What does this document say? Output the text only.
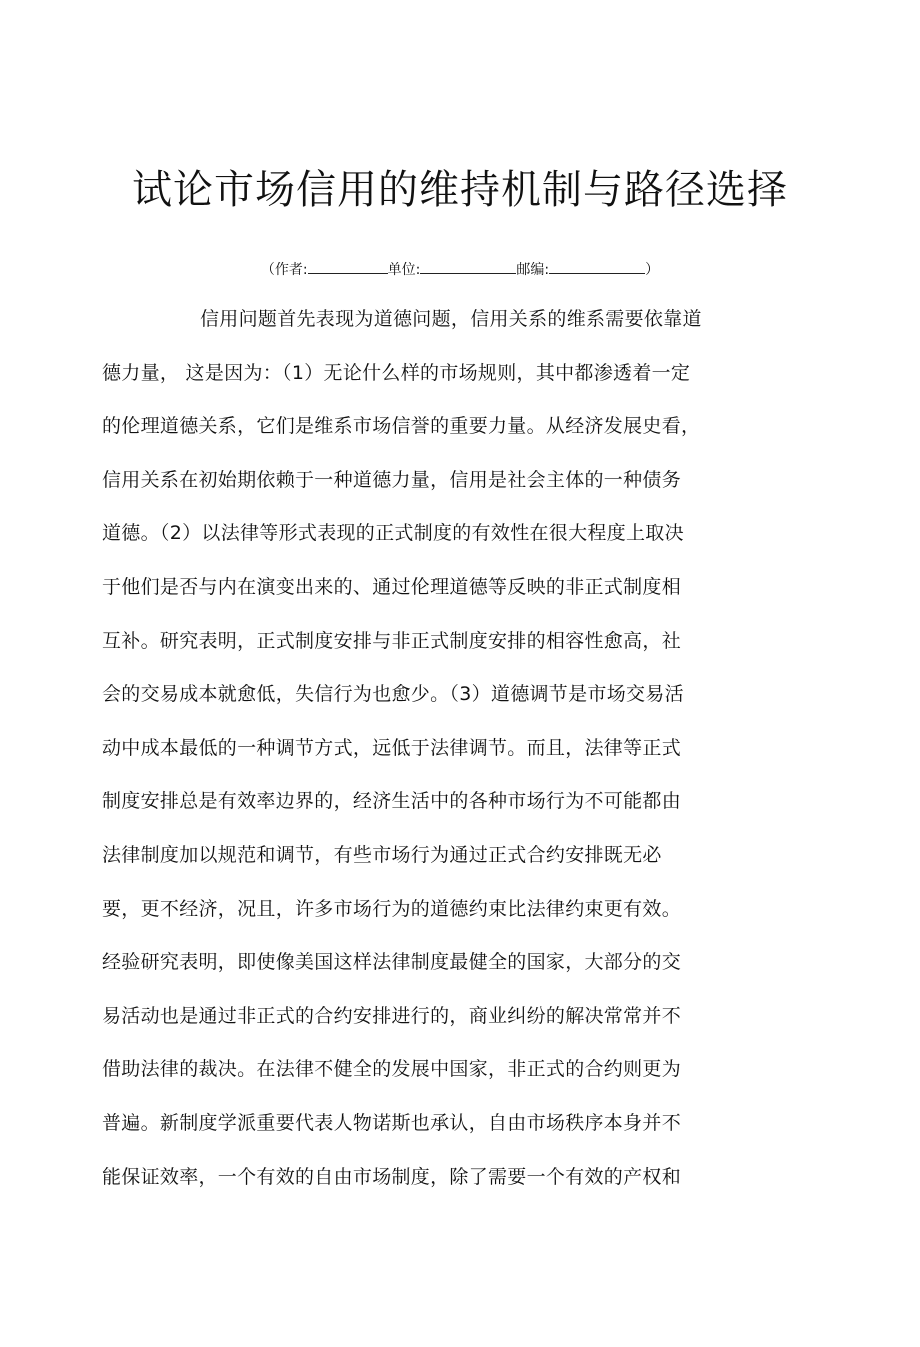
试论市场信用的维持机制与路径选择
（作者:	单位:	邮编:	）
信用问题首先表现为道德问题，信用关系的维系需要依靠道
德力量， 这是因为：（1）无论什么样的市场规则，其中都渗透着一定
的伦理道德关系，它们是维系市场信誉的重要力量。从经济发展史看，
信用关系在初始期依赖于一种道德力量，信用是社会主体的一种债务
道德。（2）以法律等形式表现的正式制度的有效性在很大程度上取决
于他们是否与内在演变出来的、通过伦理道德等反映的非正式制度相
互补。研究表明，正式制度安排与非正式制度安排的相容性愈高，社
会的交易成本就愈低，失信行为也愈少。（3）道德调节是市场交易活
动中成本最低的一种调节方式，远低于法律调节。而且，法律等正式
制度安排总是有效率边界的，经济生活中的各种市场行为不可能都由
法律制度加以规范和调节，有些市场行为通过正式合约安排既无必
要，更不经济，况且，许多市场行为的道德约束比法律约束更有效。
经验研究表明，即使像美国这样法律制度最健全的国家，大部分的交
易活动也是通过非正式的合约安排进行的，商业纠纷的解决常常并不
借助法律的裁决。在法律不健全的发展中国家，非正式的合约则更为
普遍。新制度学派重要代表人物诺斯也承认，自由市场秩序本身并不
能保证效率，一个有效的自由市场制度，除了需要一个有效的产权和
